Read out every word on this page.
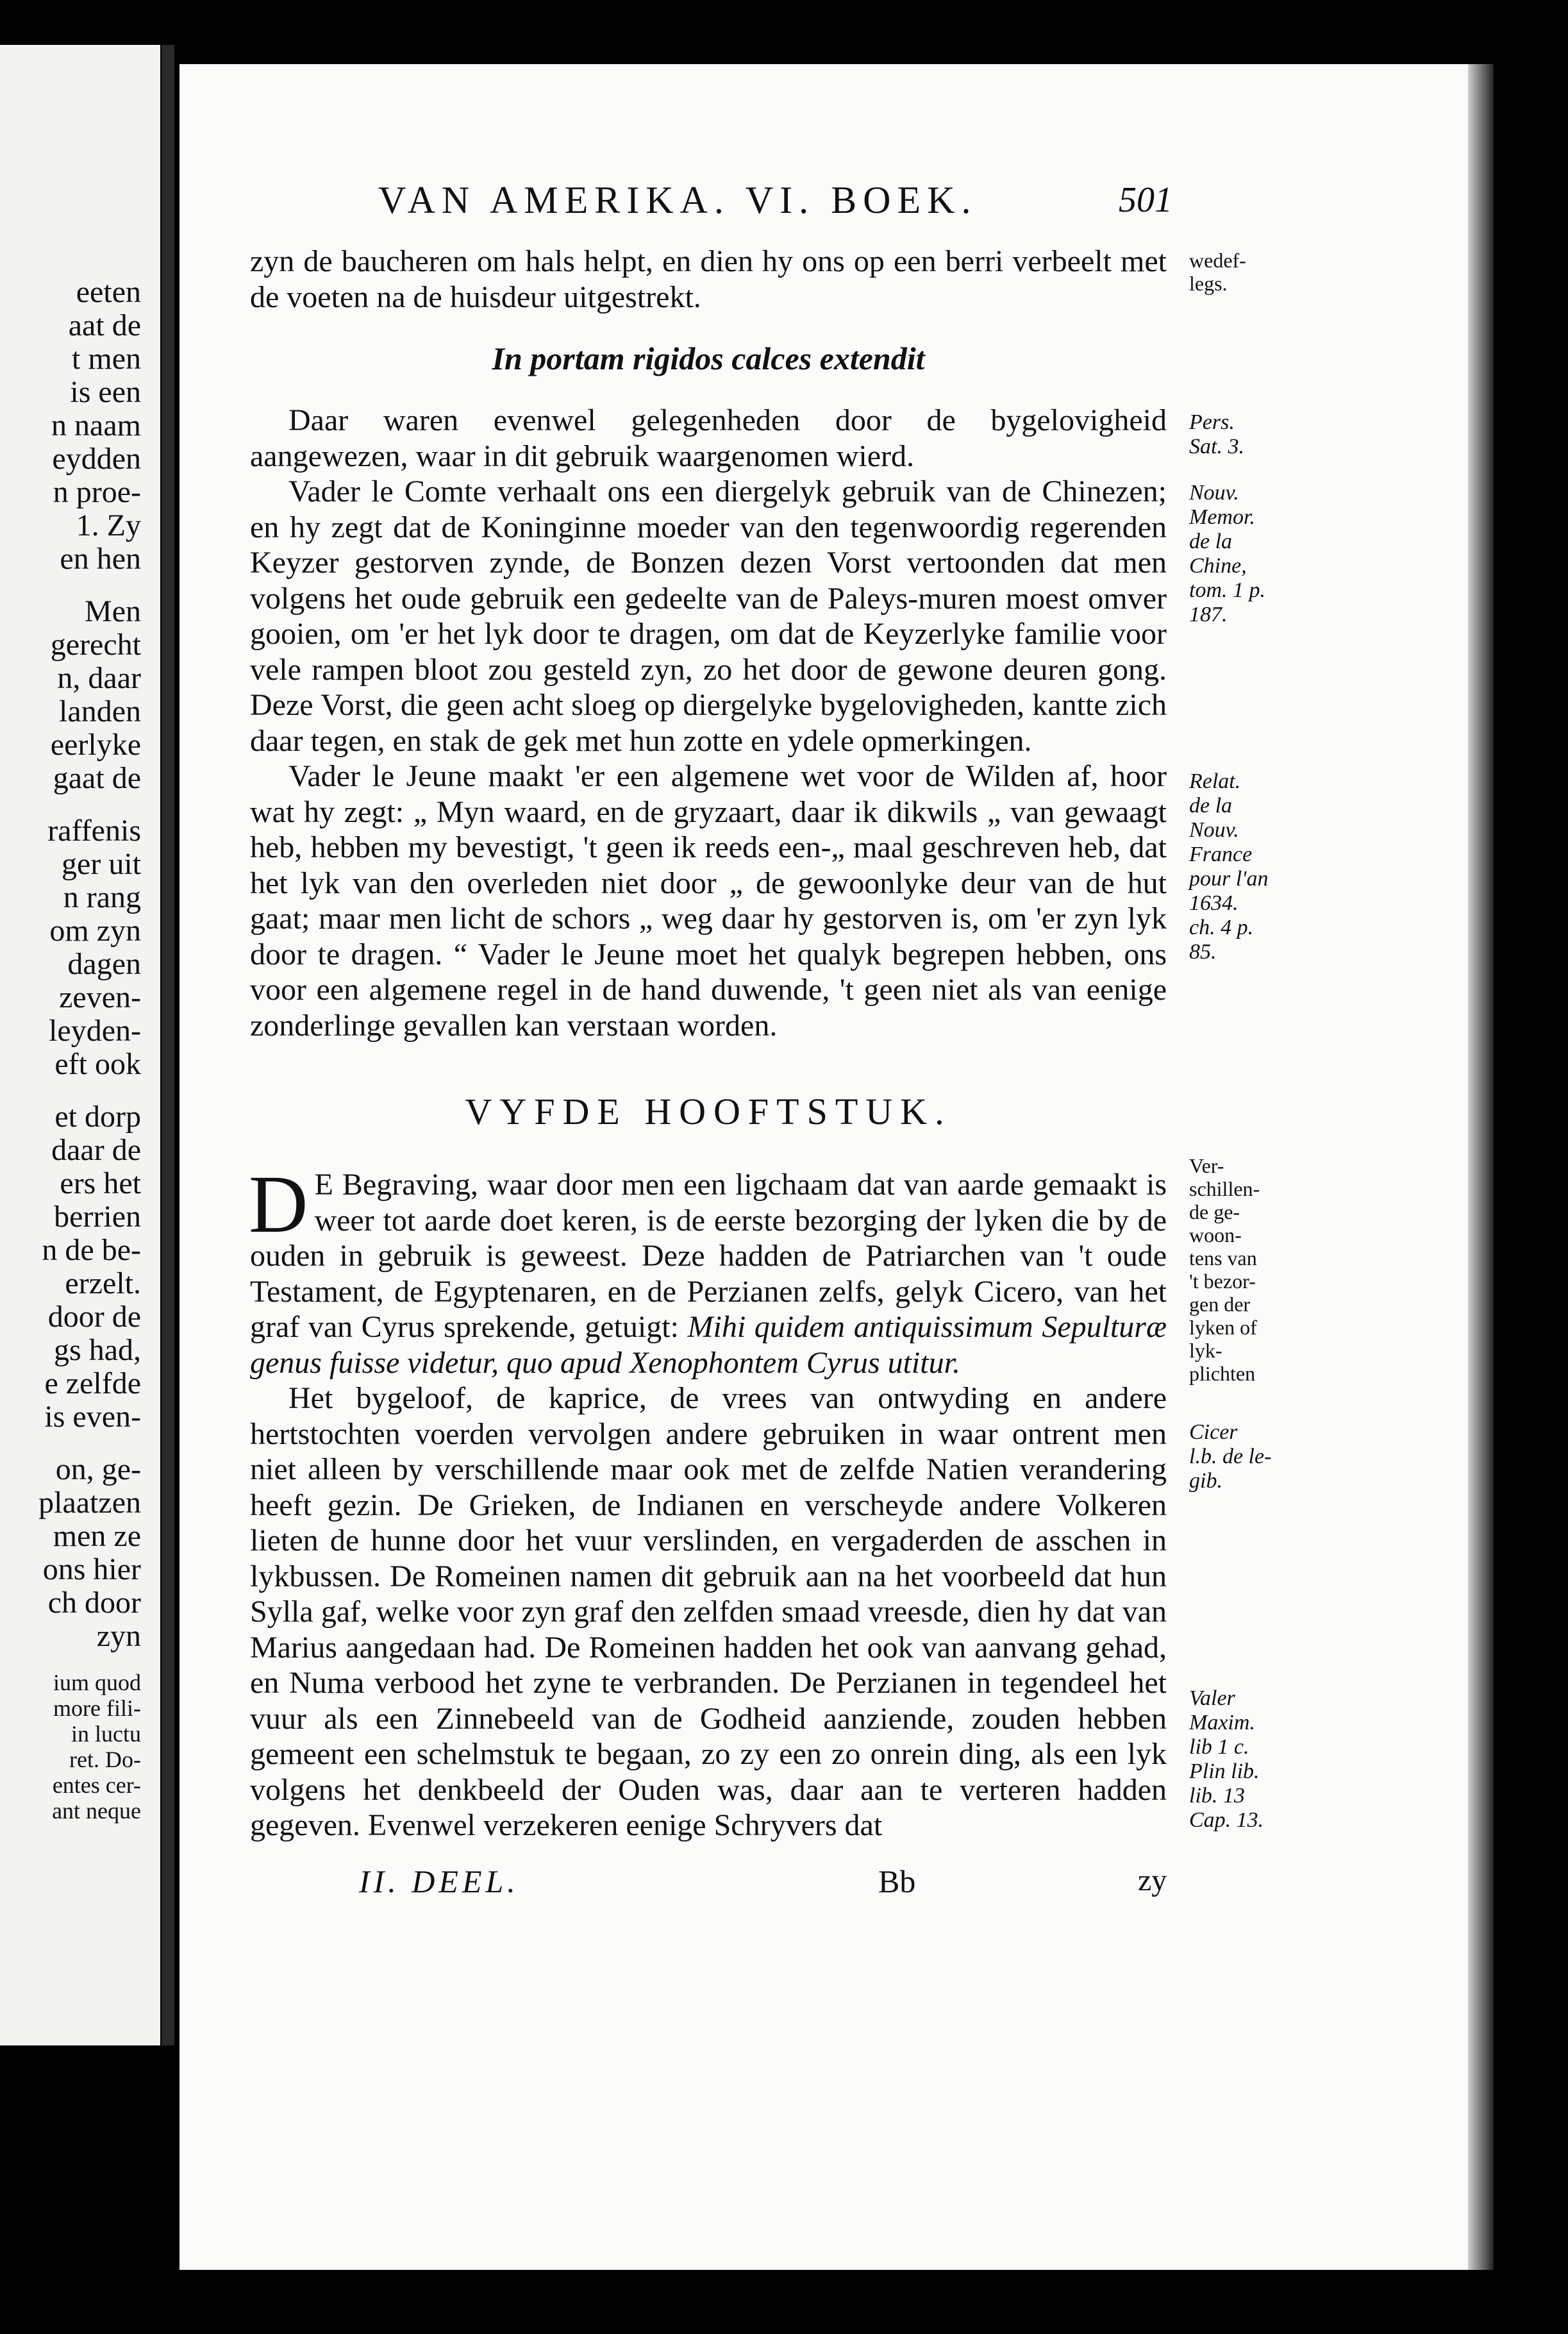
eeten
aat de
t men
is een
n naam
eydden
n proe-
1. Zy
en hen
Men
gerecht
n, daar
landen
eerlyke
gaat de
raffenis
ger uit
n rang
om zyn
dagen
zeven-
leyden-
eft ook
et dorp
daar de
ers het
berrien
n de be-
erzelt.
door de
gs had,
e zelfde
is even-
on, ge-
plaatzen
men ze
ons hier
ch door
zyn
ium quod
more fili-
in luctu
ret. Do-
entes cer-
ant neque
VAN AMERIKA. VI. BOEK.	501

zyn de baucheren om hals helpt, en dien hy ons op een berri verbeelt met de voeten na de huisdeur uitgestrekt.

In portam rigidos calces extendit

Daar waren evenwel gelegenheden door de bygelovigheid aangewezen, waar in dit gebruik waargenomen wierd.

Vader le Comte verhaalt ons een diergelyk gebruik van de Chinezen; en hy zegt dat de Koninginne moeder van den tegenwoordig regerenden Keyzer gestorven zynde, de Bonzen dezen Vorst vertoonden dat men volgens het oude gebruik een gedeelte van de Paleys-muren moest omver gooien, om 'er het lyk door te dragen, om dat de Keyzerlyke familie voor vele rampen bloot zou gesteld zyn, zo het door de gewone deuren gong. Deze Vorst, die geen acht sloeg op diergelyke bygelovigheden, kantte zich daar tegen, en stak de gek met hun zotte en ydele opmerkingen.

Vader le Jeune maakt 'er een algemene wet voor de Wilden af, hoor wat hy zegt: „ Myn waard, en de gryzaart, daar ik dikwils „ van gewaagt heb, hebben my bevestigt, 't geen ik reeds een-„ maal geschreven heb, dat het lyk van den overleden niet door „ de gewoonlyke deur van de hut gaat; maar men licht de schors „ weg daar hy gestorven is, om 'er zyn lyk door te dragen. “ Vader le Jeune moet het qualyk begrepen hebben, ons voor een algemene regel in de hand duwende, 't geen niet als van eenige zonderlinge gevallen kan verstaan worden.

VYFDE HOOFTSTUK.

D E Begraving, waar door men een ligchaam dat van aarde gemaakt is weer tot aarde doet keren, is de eerste bezorging der lyken die by de ouden in gebruik is geweest. Deze hadden de Patriarchen van 't oude Testament, de Egyptenaren, en de Perzianen zelfs, gelyk Cicero, van het graf van Cyrus sprekende, getuigt: Mihi quidem antiquissimum Sepulturæ genus fuisse videtur, quo apud Xenophontem Cyrus utitur.

Het bygeloof, de kaprice, de vrees van ontwyding en andere hertstochten voerden vervolgen andere gebruiken in waar ontrent men niet alleen by verschillende maar ook met de zelfde Natien verandering heeft gezin. De Grieken, de Indianen en verscheyde andere Volkeren lieten de hunne door het vuur verslinden, en vergaderden de asschen in lykbussen. De Romeinen namen dit gebruik aan na het voorbeeld dat hun Sylla gaf, welke voor zyn graf den zelfden smaad vreesde, dien hy dat van Marius aangedaan had. De Romeinen hadden het ook van aanvang gehad, en Numa verbood het zyne te verbranden. De Perzianen in tegendeel het vuur als een Zinnebeeld van de Godheid aanziende, zouden hebben gemeent een schelmstuk te begaan, zo zy een zo onrein ding, als een lyk volgens het denkbeeld der Ouden was, daar aan te verteren hadden gegeven. Evenwel verzekeren eenige Schryvers dat

wedef-
legs.
Pers.
Sat. 3.
Nouv.
Memor.
de la
Chine,
tom. 1 p.
187.
Relat.
de la
Nouv.
France
pour l'an
1634.
ch. 4 p.
85.
Ver-
schillen-
de ge-
woon-
tens van
't bezor-
gen der
lyken of
lyk-
plichten
Cicer
l.b. de le-
gib.
Valer
Maxim.
lib 1 c.
Plin lib.
lib. 13
Cap. 13.
II. DEEL.	Bb	zy
